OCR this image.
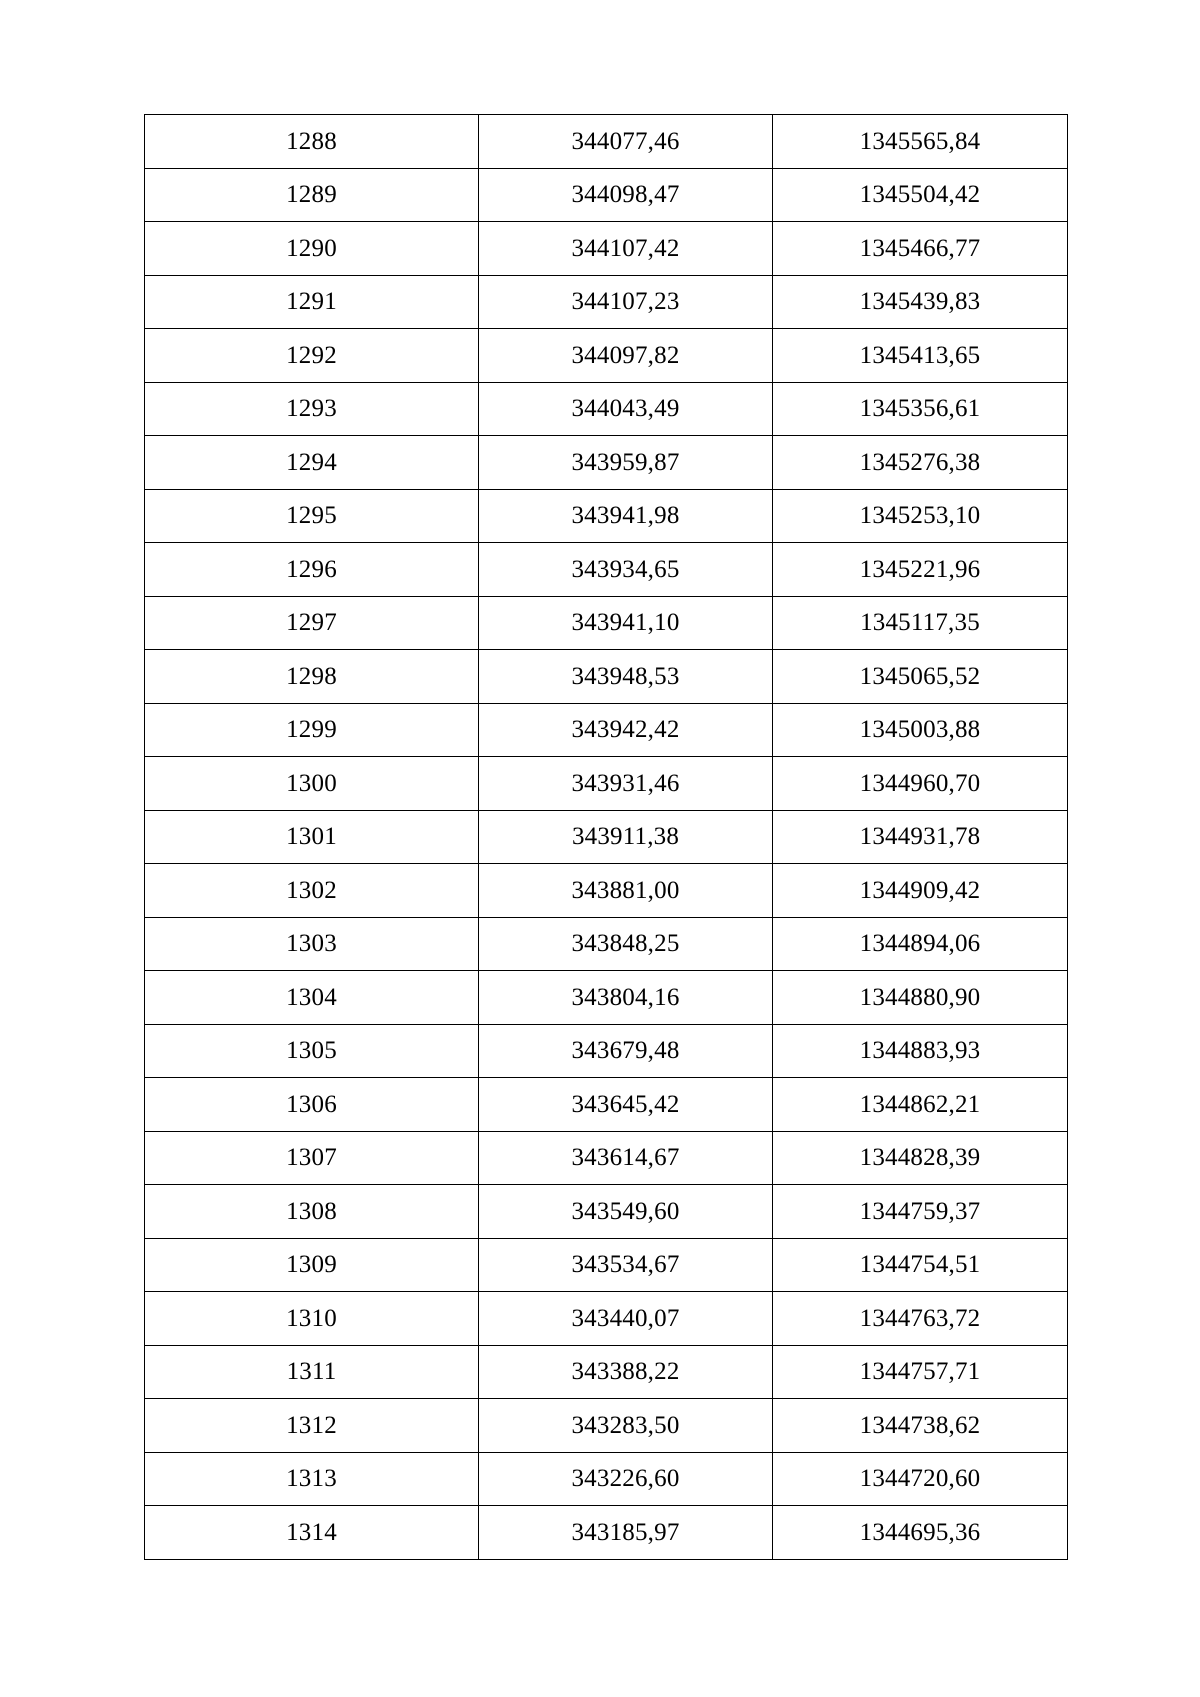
1288	344077,46	1345565,84
1289	344098,47	1345504,42
1290	344107,42	1345466,77
1291	344107,23	1345439,83
1292	344097,82	1345413,65
1293	344043,49	1345356,61
1294	343959,87	1345276,38
1295	343941,98	1345253,10
1296	343934,65	1345221,96
1297	343941,10	1345117,35
1298	343948,53	1345065,52
1299	343942,42	1345003,88
1300	343931,46	1344960,70
1301	343911,38	1344931,78
1302	343881,00	1344909,42
1303	343848,25	1344894,06
1304	343804,16	1344880,90
1305	343679,48	1344883,93
1306	343645,42	1344862,21
1307	343614,67	1344828,39
1308	343549,60	1344759,37
1309	343534,67	1344754,51
1310	343440,07	1344763,72
1311	343388,22	1344757,71
1312	343283,50	1344738,62
1313	343226,60	1344720,60
1314	343185,97	1344695,36
